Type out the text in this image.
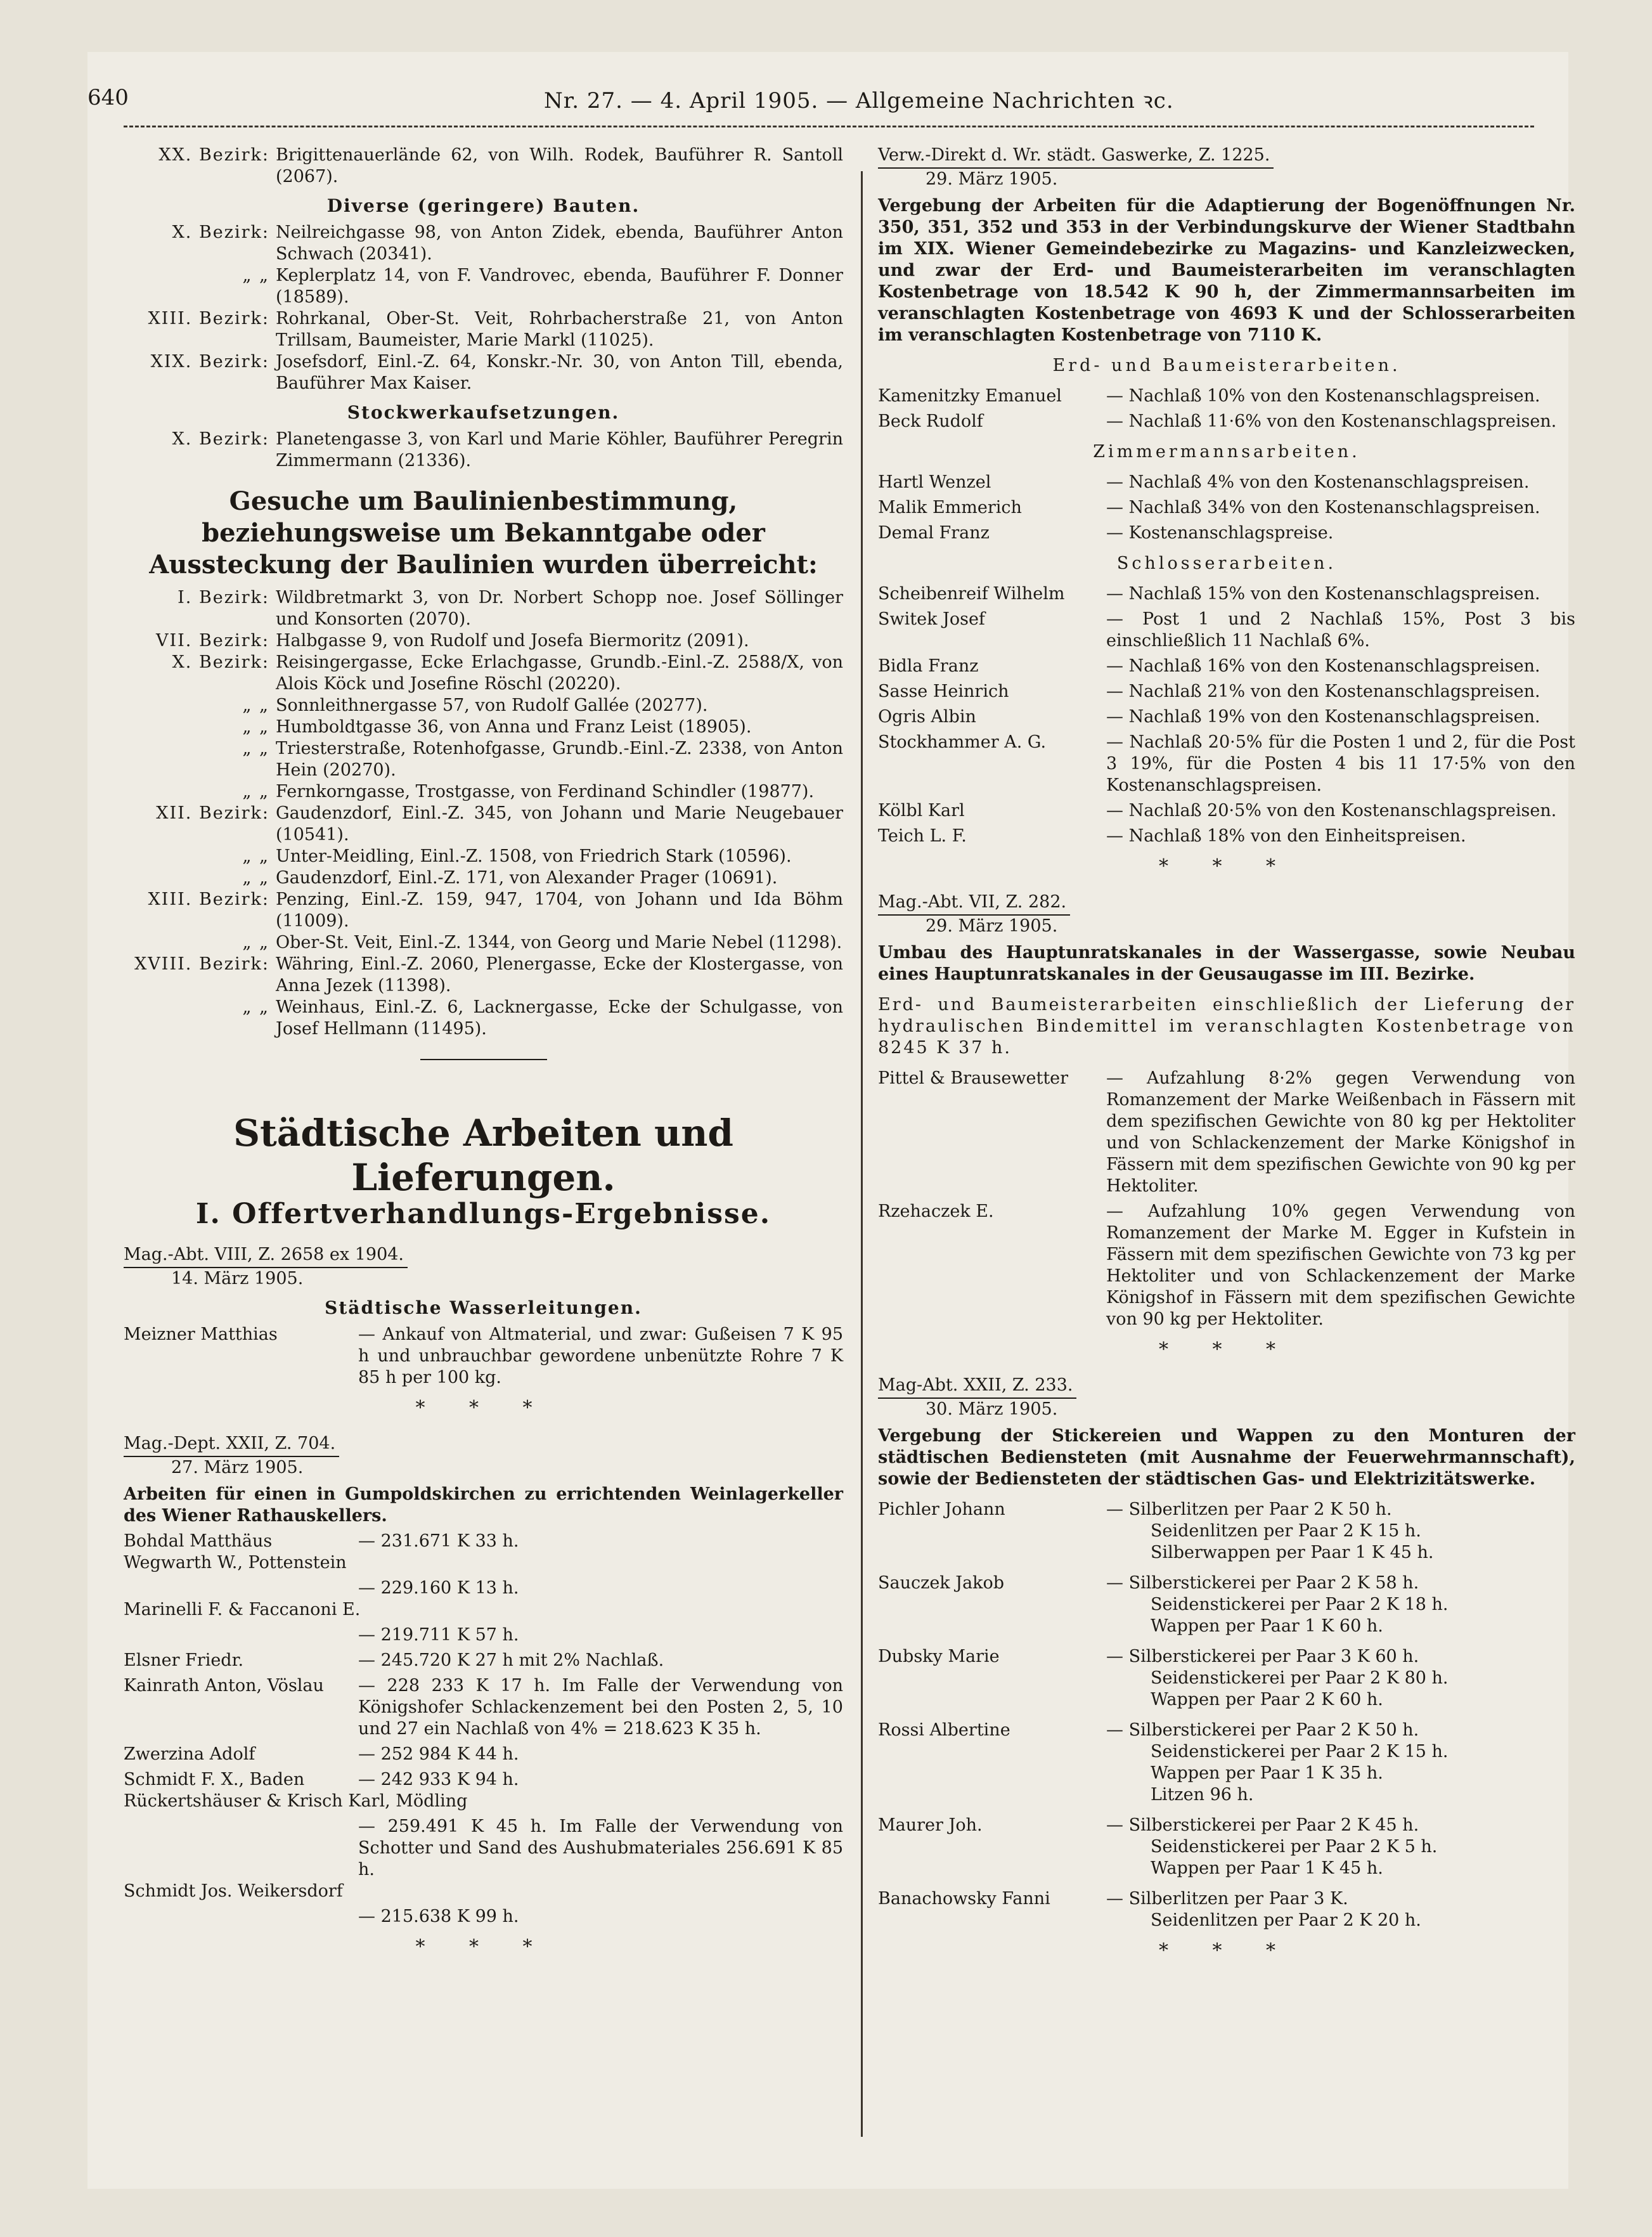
640	Nr. 27. — 4. April 1905. — Allgemeine Nachrichten ꝛc.
XX. Bezirk: Brigittenauerlände 62, von Wilh. Rodek, Bauführer R. Santoll (2067).
Diverse (geringere) Bauten.
X. Bezirk: Neilreichgasse 98, von Anton Zidek, ebenda, Bauführer Anton Schwach (20341).
„ „ Keplerplatz 14, von F. Vandrovec, ebenda, Bauführer F. Donner (18589).
XIII. Bezirk: Rohrkanal, Ober-St. Veit, Rohrbacherstraße 21, von Anton Trillsam, Baumeister, Marie Markl (11025).
XIX. Bezirk: Josefsdorf, Einl.-Z. 64, Konskr.-Nr. 30, von Anton Till, ebenda, Bauführer Max Kaiser.
Stockwerkaufsetzungen.
X. Bezirk: Planetengasse 3, von Karl und Marie Köhler, Bauführer Peregrin Zimmermann (21336).
Gesuche um Baulinienbestimmung, beziehungsweise um Bekanntgabe oder Aussteckung der Baulinien wurden überreicht:
I. Bezirk: Wildbretmarkt 3, von Dr. Norbert Schopp noe. Josef Söllinger und Konsorten (2070).
VII. Bezirk: Halbgasse 9, von Rudolf und Josefa Biermoritz (2091).
X. Bezirk: Reisingergasse, Ecke Erlachgasse, Grundb.-Einl.-Z. 2588/X, von Alois Köck und Josefine Röschl (20220).
„ „ Sonnleithnergasse 57, von Rudolf Gallée (20277).
„ „ Humboldtgasse 36, von Anna und Franz Leist (18905).
„ „ Triesterstraße, Rotenhofgasse, Grundb.-Einl.-Z. 2338, von Anton Hein (20270).
„ „ Fernkorngasse, Trostgasse, von Ferdinand Schindler (19877).
XII. Bezirk: Gaudenzdorf, Einl.-Z. 345, von Johann und Marie Neugebauer (10541).
„ „ Unter-Meidling, Einl.-Z. 1508, von Friedrich Stark (10596).
„ „ Gaudenzdorf, Einl.-Z. 171, von Alexander Prager (10691).
XIII. Bezirk: Penzing, Einl.-Z. 159, 947, 1704, von Johann und Ida Böhm (11009).
„ „ Ober-St. Veit, Einl.-Z. 1344, von Georg und Marie Nebel (11298).
XVIII. Bezirk: Währing, Einl.-Z. 2060, Plenergasse, Ecke der Klostergasse, von Anna Jezek (11398).
„ „ Weinhaus, Einl.-Z. 6, Lacknergasse, Ecke der Schulgasse, von Josef Hellmann (11495).
Städtische Arbeiten und Lieferungen.
I. Offertverhandlungs-Ergebnisse.
Mag.-Abt. VIII, Z. 2658 ex 1904.
14. März 1905.
Städtische Wasserleitungen.
Meizner Matthias	— Ankauf von Altmaterial, und zwar: Gußeisen 7 K 95 h und unbrauchbar gewordene unbenützte Rohre 7 K 85 h per 100 kg.
* * *
Mag.-Dept. XXII, Z. 704.
27. März 1905.
Arbeiten für einen in Gumpoldskirchen zu errichtenden Weinlagerkeller des Wiener Rathauskellers.
Bohdal Matthäus	— 231.671 K 33 h.
Wegwarth W., Pottenstein
— 229.160 K 13 h.
Marinelli F. & Faccanoni E.
— 219.711 K 57 h.
Elsner Friedr.	— 245.720 K 27 h mit 2% Nachlaß.
Kainrath Anton, Vöslau	— 228 233 K 17 h. Im Falle der Verwendung von Königshofer Schlackenzement bei den Posten 2, 5, 10 und 27 ein Nachlaß von 4% = 218.623 K 35 h.
Zwerzina Adolf	— 252 984 K 44 h.
Schmidt F. X., Baden	— 242 933 K 94 h.
Rückertshäuser & Krisch Karl, Mödling
— 259.491 K 45 h. Im Falle der Verwendung von Schotter und Sand des Aushubmateriales 256.691 K 85 h.
Schmidt Jos. Weikersdorf
— 215.638 K 99 h.
* * *
Verw.-Direkt d. Wr. städt. Gaswerke, Z. 1225.
29. März 1905.
Vergebung der Arbeiten für die Adaptierung der Bogenöffnungen Nr. 350, 351, 352 und 353 in der Verbindungskurve der Wiener Stadtbahn im XIX. Wiener Gemeindebezirke zu Magazins- und Kanzleizwecken, und zwar der Erd- und Baumeisterarbeiten im veranschlagten Kostenbetrage von 18.542 K 90 h, der Zimmermannsarbeiten im veranschlagten Kostenbetrage von 4693 K und der Schlosserarbeiten im veranschlagten Kostenbetrage von 7110 K.
Erd- und Baumeisterarbeiten.
Kamenitzky Emanuel	— Nachlaß 10% von den Kostenanschlagspreisen.
Beck Rudolf	— Nachlaß 11·6% von den Kostenanschlagspreisen.
Zimmermannsarbeiten.
Hartl Wenzel	— Nachlaß 4% von den Kostenanschlagspreisen.
Malik Emmerich	— Nachlaß 34% von den Kostenanschlagspreisen.
Demal Franz	— Kostenanschlagspreise.
Schlosserarbeiten.
Scheibenreif Wilhelm	— Nachlaß 15% von den Kostenanschlagspreisen.
Switek Josef	— Post 1 und 2 Nachlaß 15%, Post 3 bis einschließlich 11 Nachlaß 6%.
Bidla Franz	— Nachlaß 16% von den Kostenanschlagspreisen.
Sasse Heinrich	— Nachlaß 21% von den Kostenanschlagspreisen.
Ogris Albin	— Nachlaß 19% von den Kostenanschlagspreisen.
Stockhammer A. G.	— Nachlaß 20·5% für die Posten 1 und 2, für die Post 3 19%, für die Posten 4 bis 11 17·5% von den Kostenanschlagspreisen.
Kölbl Karl	— Nachlaß 20·5% von den Kostenanschlagspreisen.
Teich L. F.	— Nachlaß 18% von den Einheitspreisen.
* * *
Mag.-Abt. VII, Z. 282.
29. März 1905.
Umbau des Hauptunratskanales in der Wassergasse, sowie Neubau eines Hauptunratskanales in der Geusaugasse im III. Bezirke.
Erd- und Baumeisterarbeiten einschließlich der Lieferung der hydraulischen Bindemittel im veranschlagten Kostenbetrage von 8245 K 37 h.
Pittel & Brausewetter	— Aufzahlung 8·2% gegen Verwendung von Romanzement der Marke Weißenbach in Fässern mit dem spezifischen Gewichte von 80 kg per Hektoliter und von Schlackenzement der Marke Königshof in Fässern mit dem spezifischen Gewichte von 90 kg per Hektoliter.
Rzehaczek E.	— Aufzahlung 10% gegen Verwendung von Romanzement der Marke M. Egger in Kufstein in Fässern mit dem spezifischen Gewichte von 73 kg per Hektoliter und von Schlackenzement der Marke Königshof in Fässern mit dem spezifischen Gewichte von 90 kg per Hektoliter.
* * *
Mag-Abt. XXII, Z. 233.
30. März 1905.
Vergebung der Stickereien und Wappen zu den Monturen der städtischen Bediensteten (mit Ausnahme der Feuerwehrmannschaft), sowie der Bediensteten der städtischen Gas- und Elektrizitätswerke.
Pichler Johann	— Silberlitzen per Paar 2 K 50 h.
Seidenlitzen per Paar 2 K 15 h.
Silberwappen per Paar 1 K 45 h.
Sauczek Jakob	— Silberstickerei per Paar 2 K 58 h.
Seidenstickerei per Paar 2 K 18 h.
Wappen per Paar 1 K 60 h.
Dubsky Marie	— Silberstickerei per Paar 3 K 60 h.
Seidenstickerei per Paar 2 K 80 h.
Wappen per Paar 2 K 60 h.
Rossi Albertine	— Silberstickerei per Paar 2 K 50 h.
Seidenstickerei per Paar 2 K 15 h.
Wappen per Paar 1 K 35 h.
Litzen 96 h.
Maurer Joh.	— Silberstickerei per Paar 2 K 45 h.
Seidenstickerei per Paar 2 K 5 h.
Wappen per Paar 1 K 45 h.
Banachowsky Fanni	— Silberlitzen per Paar 3 K.
Seidenlitzen per Paar 2 K 20 h.
* * *
